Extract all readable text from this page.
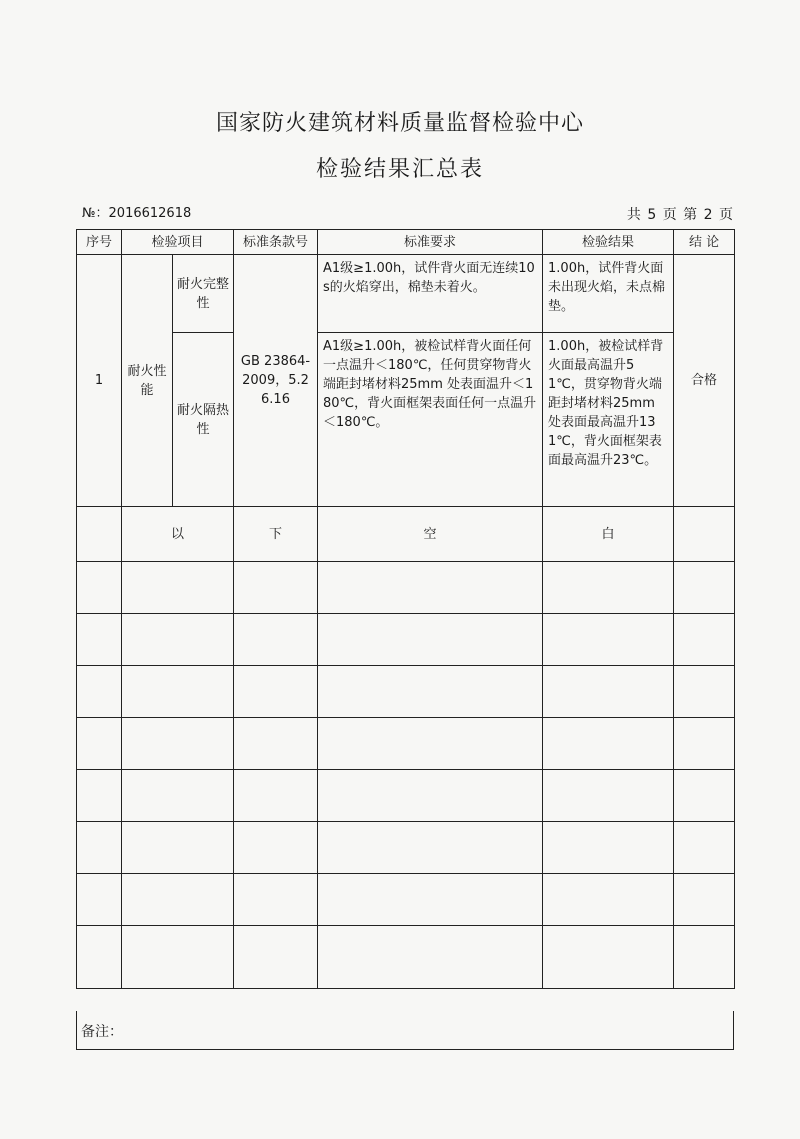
国家防火建筑材料质量监督检验中心
检验结果汇总表
№：2016612618	共 5 页 第 2 页
序号	检验项目		标准条款号	标准要求	检验结果	结 论
1	耐火性能	耐火完整性	GB 23864-2009，5.2 6.16	A1级≥1.00h，试件背火面无连续10s的火焰穿出，棉垫未着火。	1.00h，试件背火面未出现火焰，未点棉垫。	合格
		耐火隔热性		A1级≥1.00h，被检试样背火面任何一点温升＜180℃，任何贯穿物背火端距封堵材料25mm 处表面温升＜180℃，背火面框架表面任何一点温升＜180℃。	1.00h，被检试样背火面最高温升51℃，贯穿物背火端距封堵材料25mm 处表面最高温升131℃，背火面框架表面最高温升23℃。	
	以		下	空	白	

备注：
